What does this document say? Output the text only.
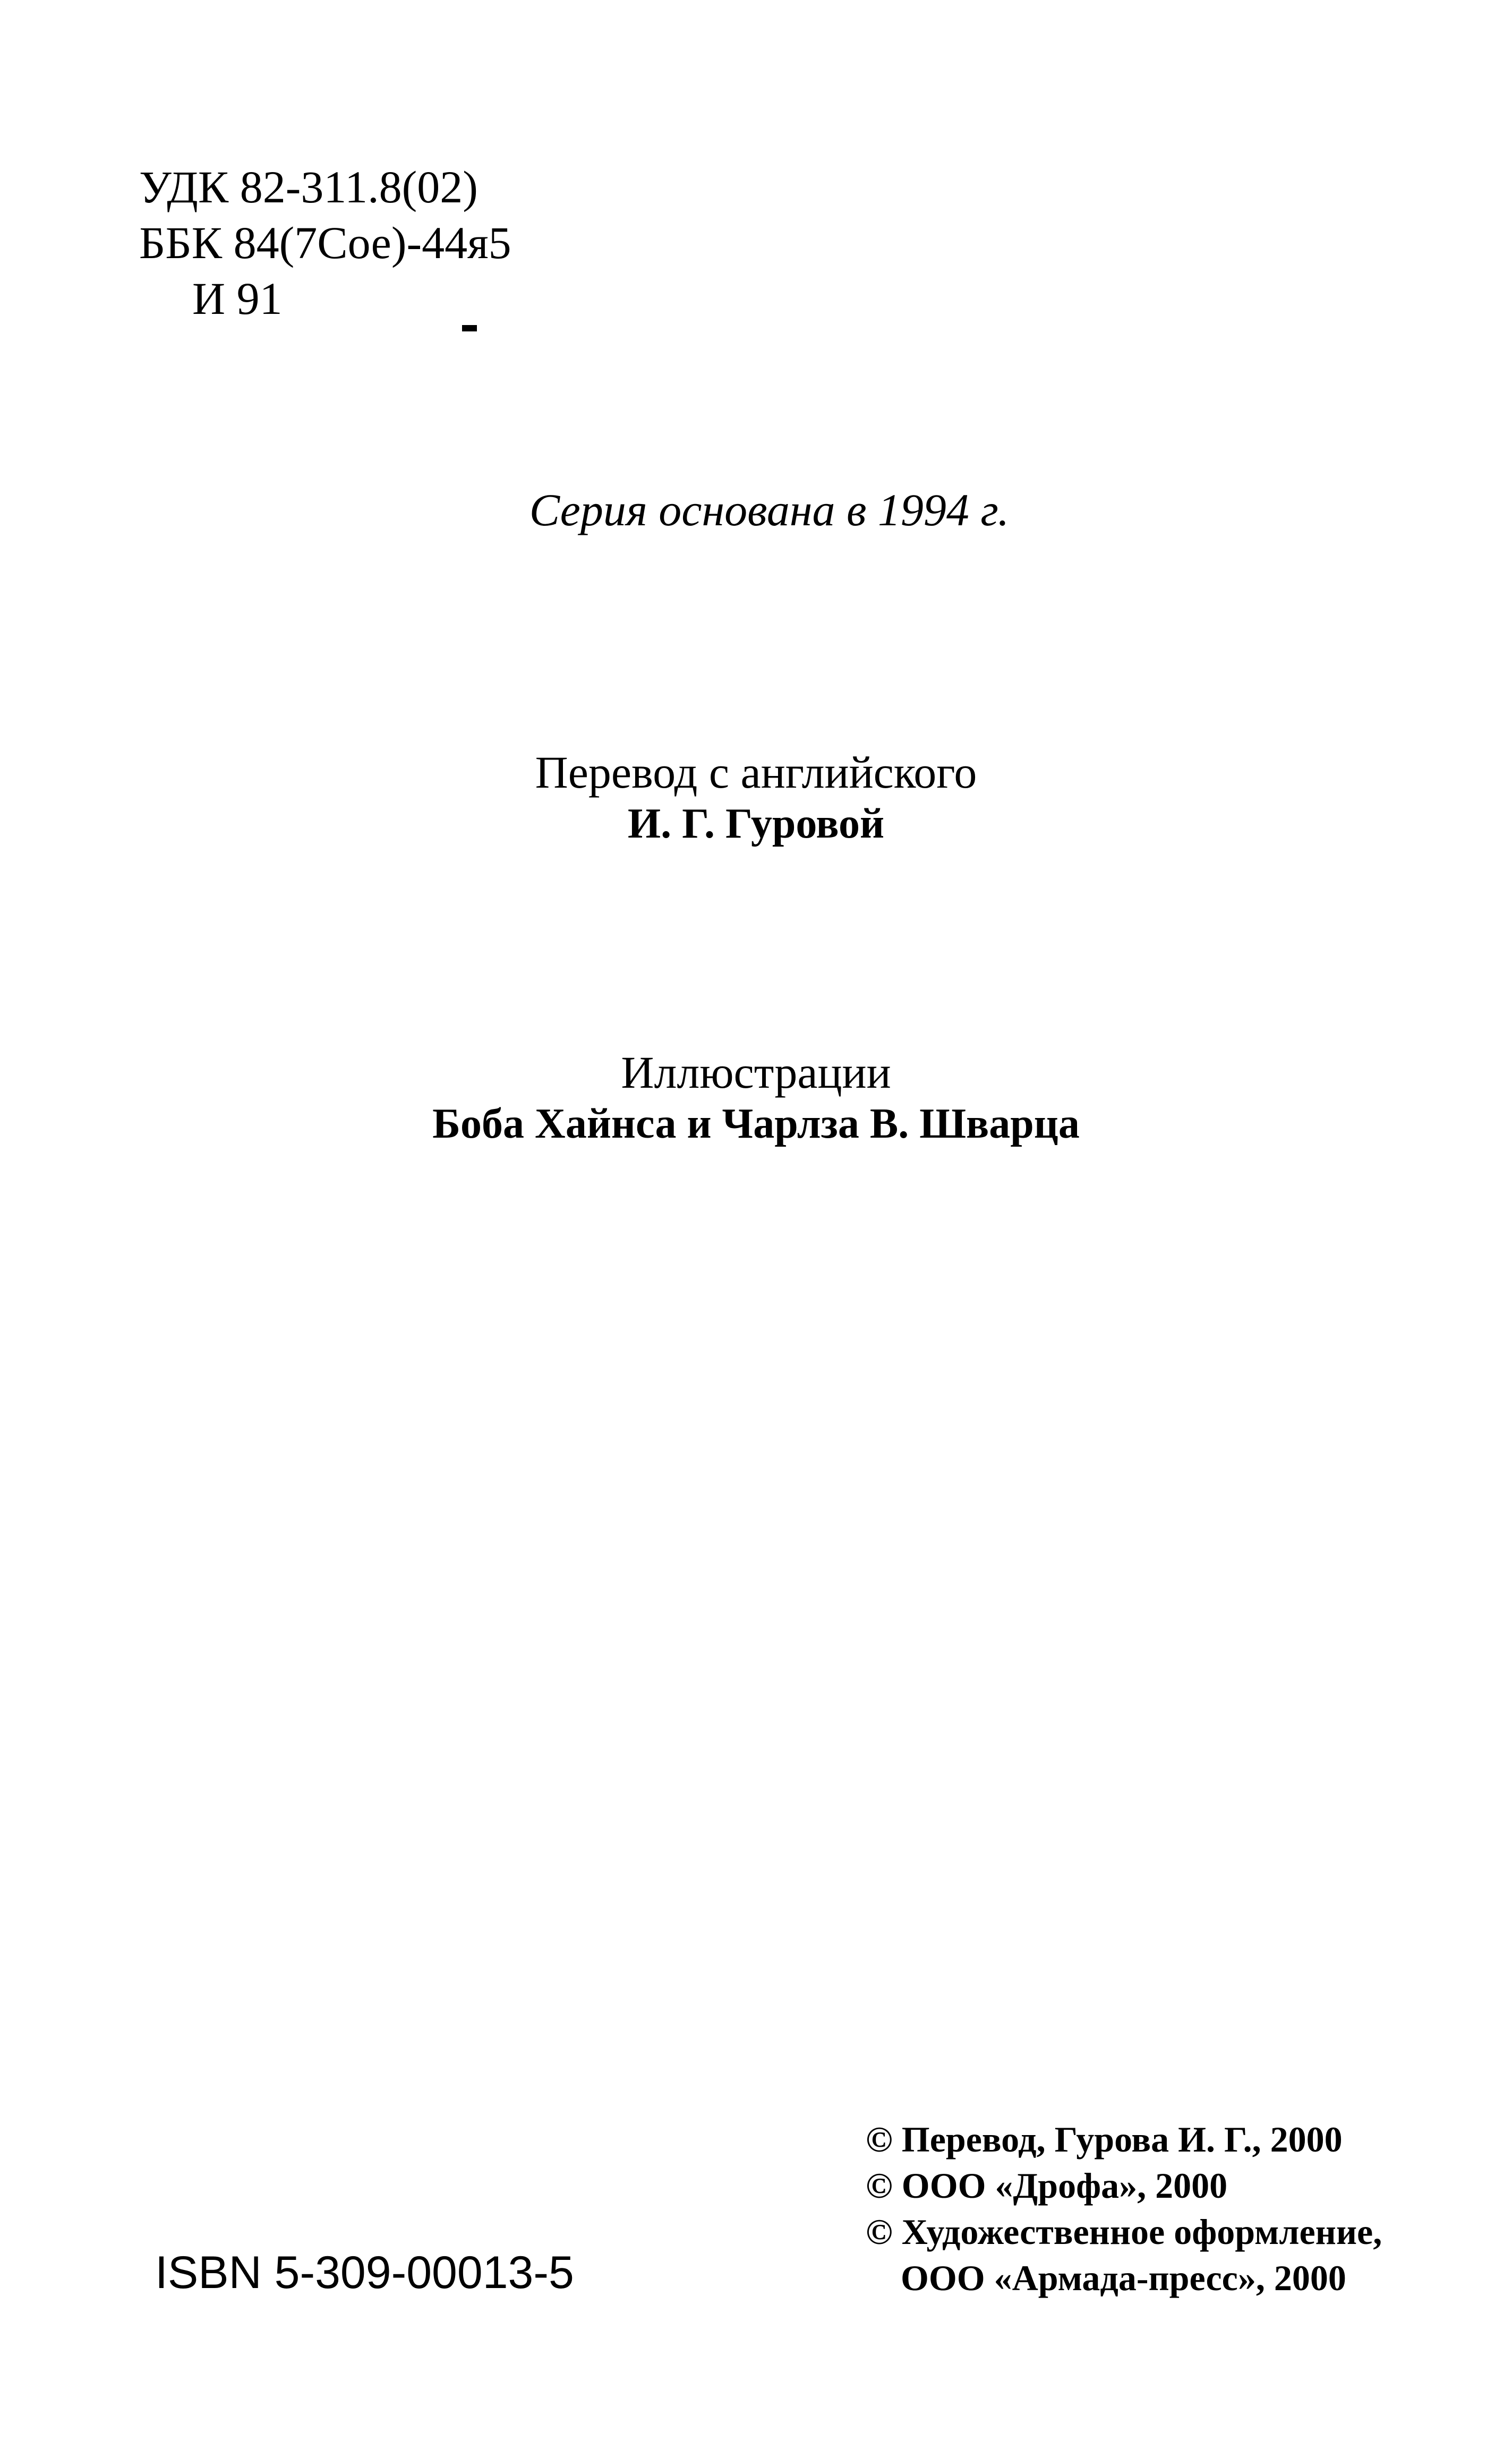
УДК 82-311.8(02)
ББК 84(7Сое)-44я5
И 91
Серия основана в 1994 г.
Перевод с английского
И. Г. Гуровой
Иллюстрации
Боба Хайнса и Чарлза В. Шварца
ISBN 5-309-00013-5
© Перевод, Гурова И. Г., 2000
© ООО «Дрофа», 2000
© Художественное оформление,
ООО «Армада-пресс», 2000
